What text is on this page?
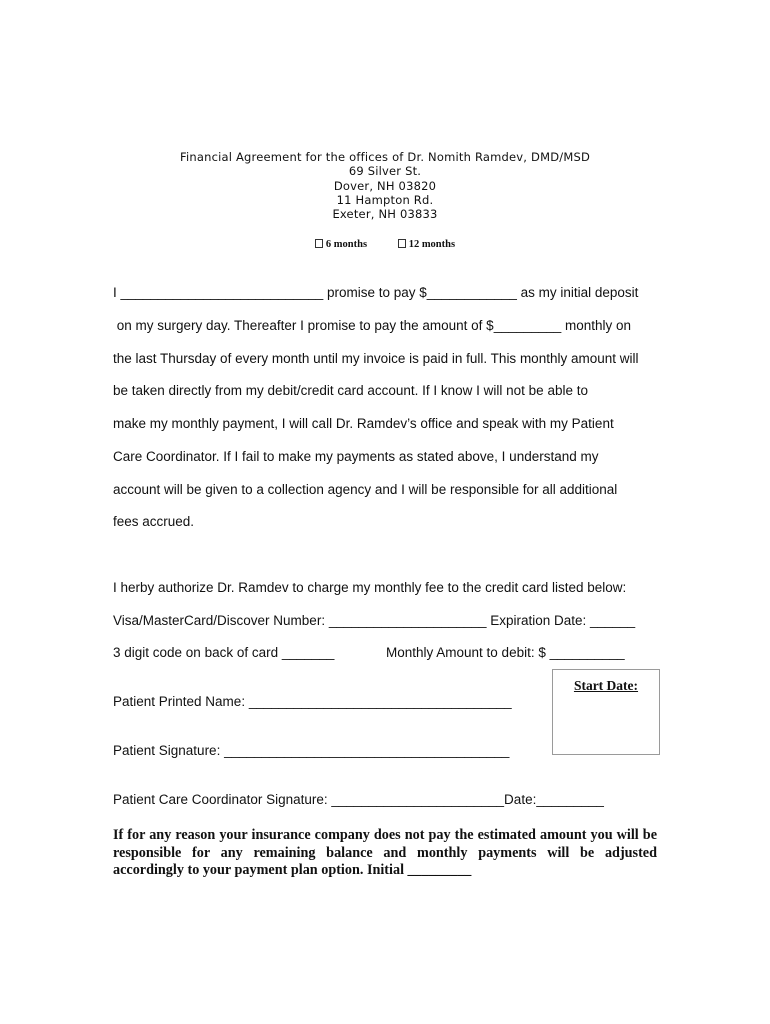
Financial Agreement for the offices of Dr. Nomith Ramdev, DMD/MSD
69 Silver St.
Dover, NH 03820
11 Hampton Rd.
Exeter, NH 03833
6 months	12 months
I ___________________________ promise to pay $____________ as my initial deposit
on my surgery day. Thereafter I promise to pay the amount of $_________ monthly on
the last Thursday of every month until my invoice is paid in full. This monthly amount will
be taken directly from my debit/credit card account. If I know I will not be able to
make my monthly payment, I will call Dr. Ramdev’s office and speak with my Patient
Care Coordinator. If I fail to make my payments as stated above, I understand my
account will be given to a collection agency and I will be responsible for all additional
fees accrued.
I herby authorize Dr. Ramdev to charge my monthly fee to the credit card listed below:
Visa/MasterCard/Discover Number: _____________________ Expiration Date: ______
3 digit code on back of card _______	Monthly Amount to debit: $ __________
Start Date:
Patient Printed Name: ___________________________________
Patient Signature: ______________________________________
Patient Care Coordinator Signature: _______________________Date:_________
If for any reason your insurance company does not pay the estimated amount you will be responsible for any remaining balance and monthly payments will be adjusted accordingly to your payment plan option. Initial _________
